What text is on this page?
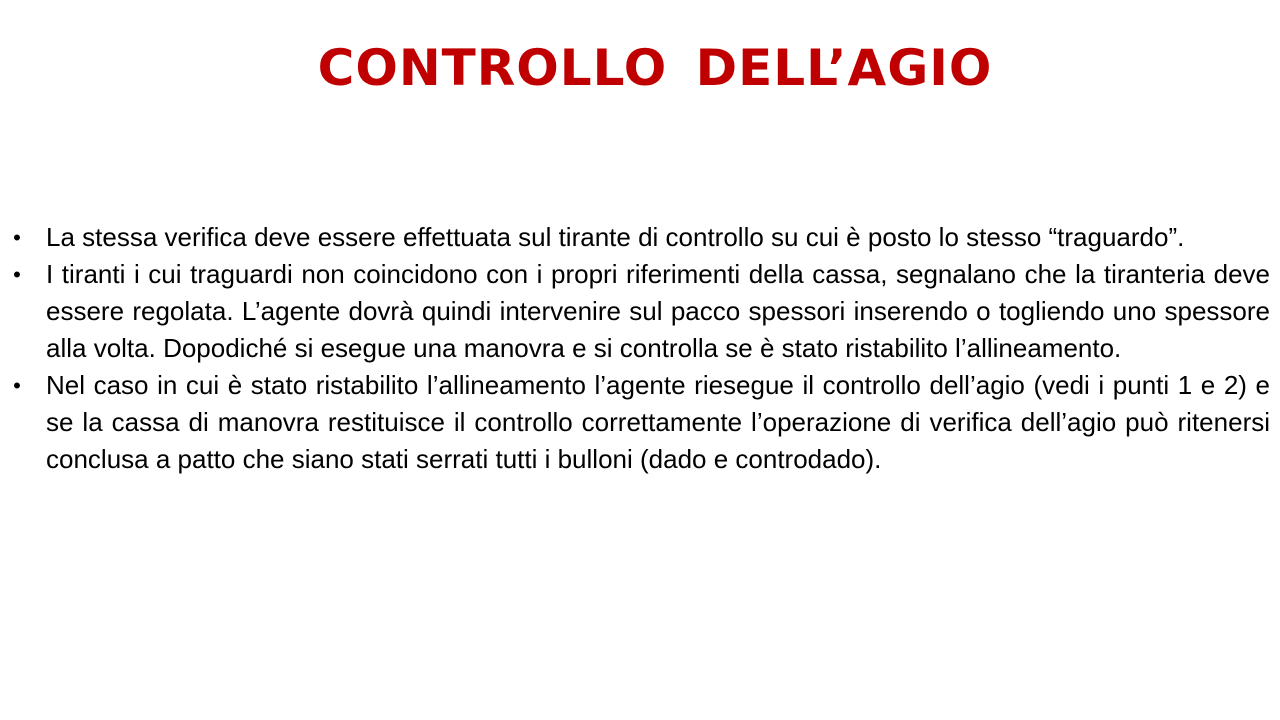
CONTROLLO DELL’AGIO
• La stessa verifica deve essere effettuata sul tirante di controllo su cui è posto lo stesso “traguardo”.
• I tiranti i cui traguardi non coincidono con i propri riferimenti della cassa, segnalano che la tiranteria deve essere regolata. L’agente dovrà quindi intervenire sul pacco spessori inserendo o togliendo uno spessore alla volta. Dopodiché si esegue una manovra e si controlla se è stato ristabilito l’allineamento.
• Nel caso in cui è stato ristabilito l’allineamento l’agente riesegue il controllo dell’agio (vedi i punti 1 e 2) e se la cassa di manovra restituisce il controllo correttamente l’operazione di verifica dell’agio può ritenersi conclusa a patto che siano stati serrati tutti i bulloni (dado e controdado).
